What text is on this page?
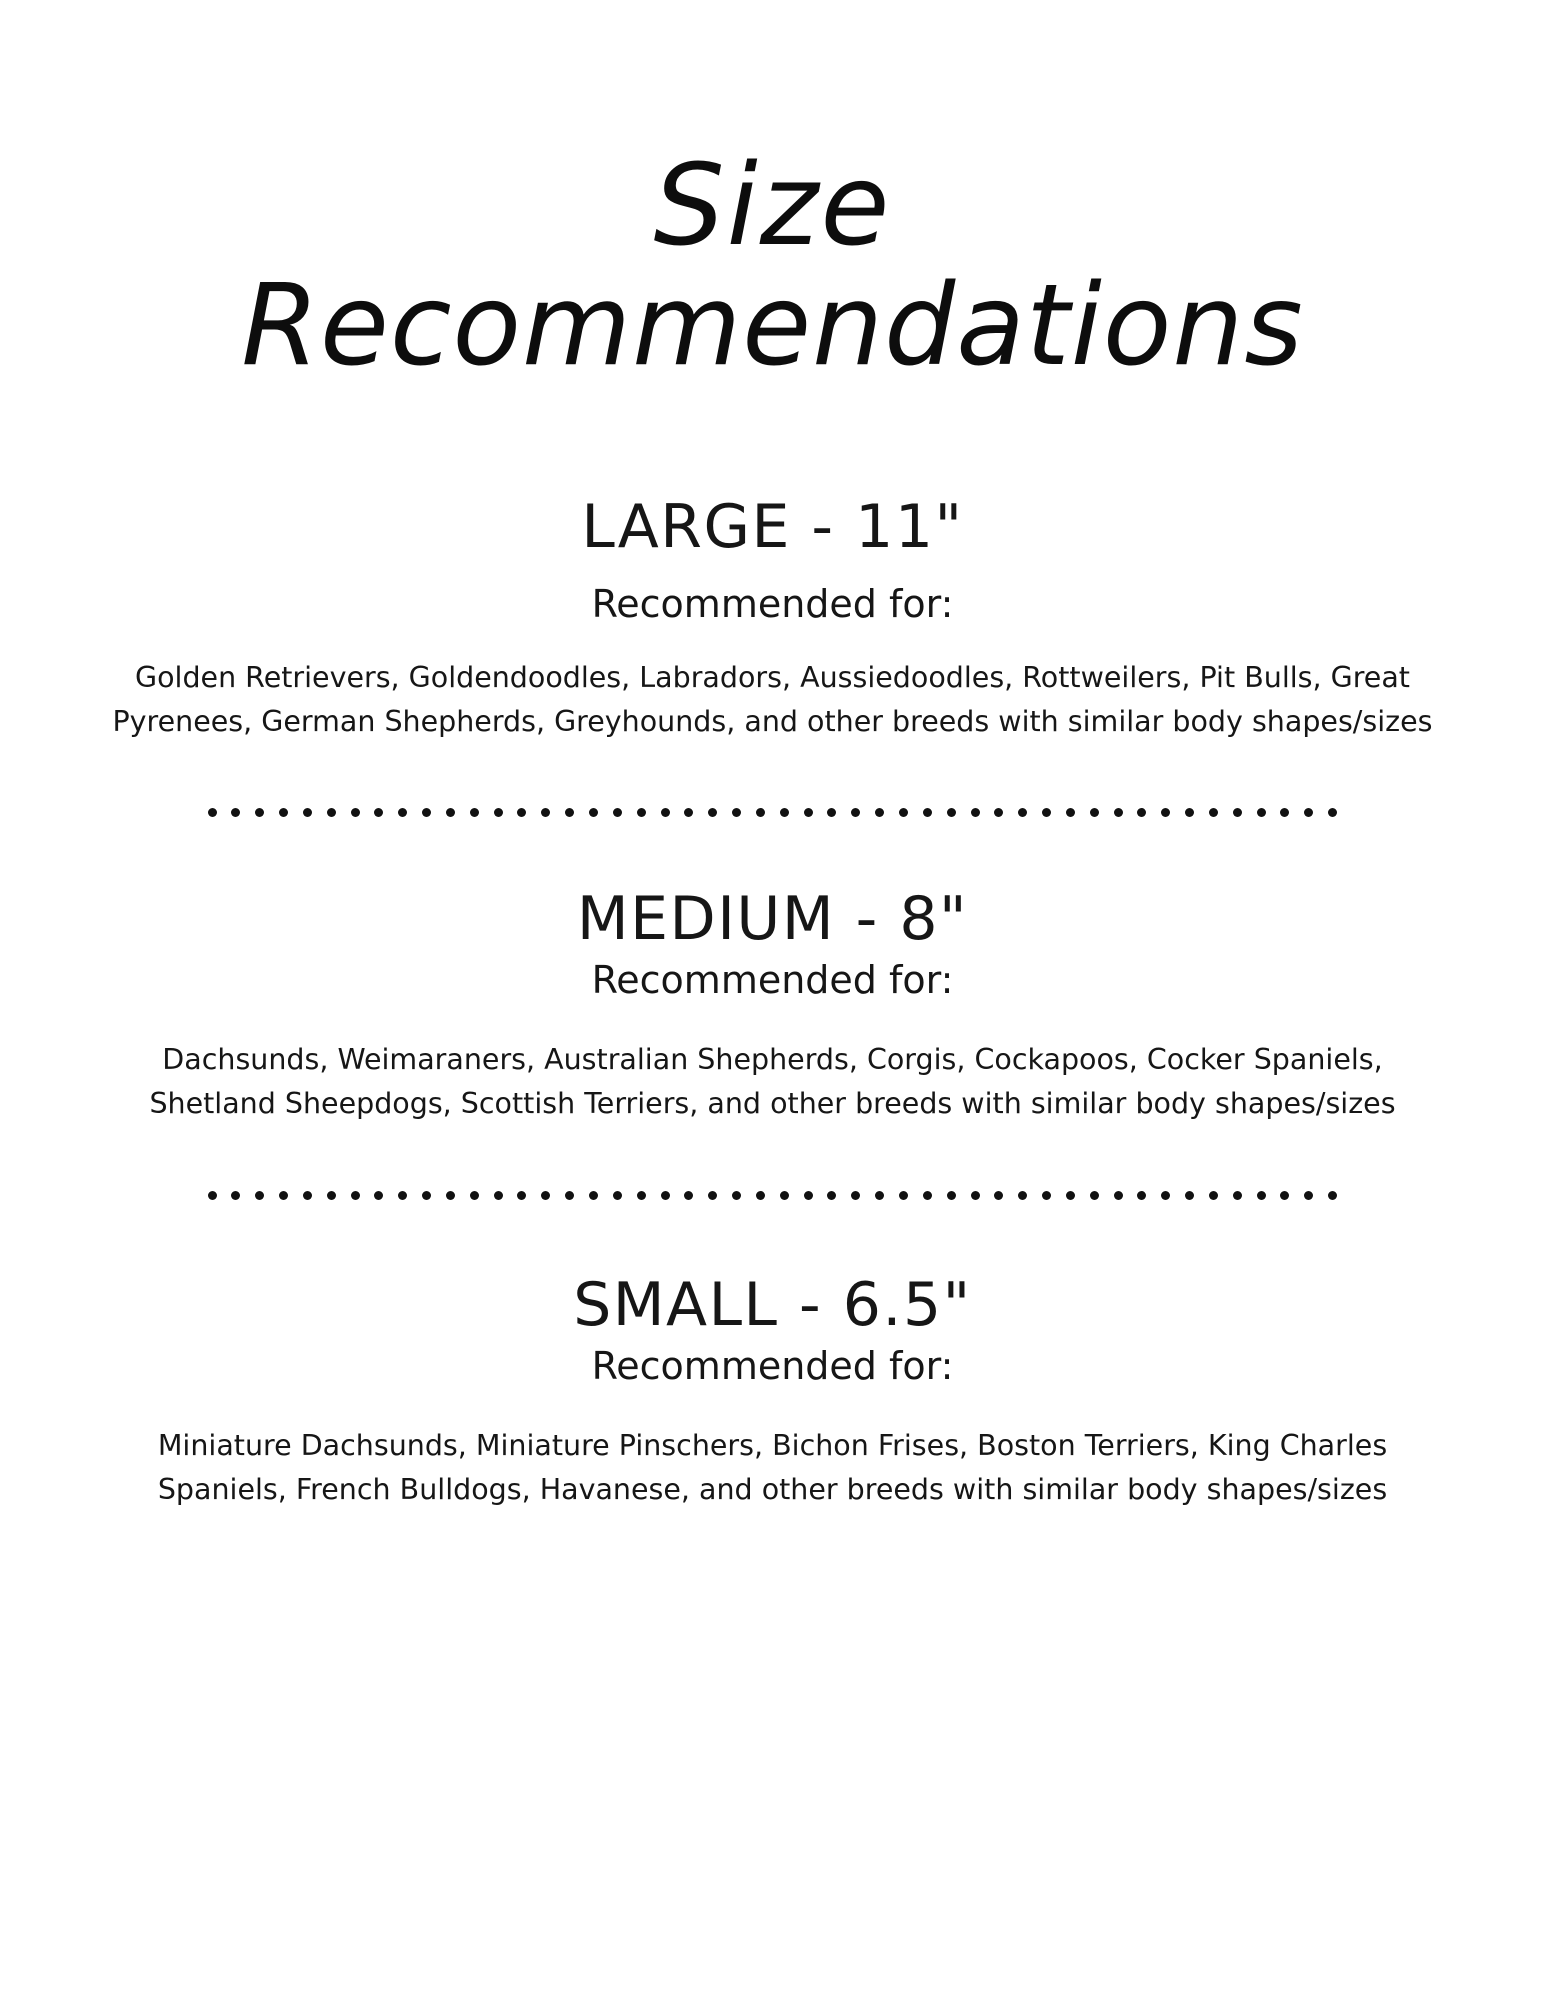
Size
Recommendations
LARGE - 11"
Recommended for:
Golden Retrievers, Goldendoodles, Labradors, Aussiedoodles, Rottweilers, Pit Bulls, Great Pyrenees, German Shepherds, Greyhounds, and other breeds with similar body shapes/sizes
MEDIUM - 8"
Recommended for:
Dachsunds, Weimaraners, Australian Shepherds, Corgis, Cockapoos, Cocker Spaniels, Shetland Sheepdogs, Scottish Terriers, and other breeds with similar body shapes/sizes
SMALL - 6.5"
Recommended for:
Miniature Dachsunds, Miniature Pinschers, Bichon Frises, Boston Terriers, King Charles Spaniels, French Bulldogs, Havanese, and other breeds with similar body shapes/sizes
